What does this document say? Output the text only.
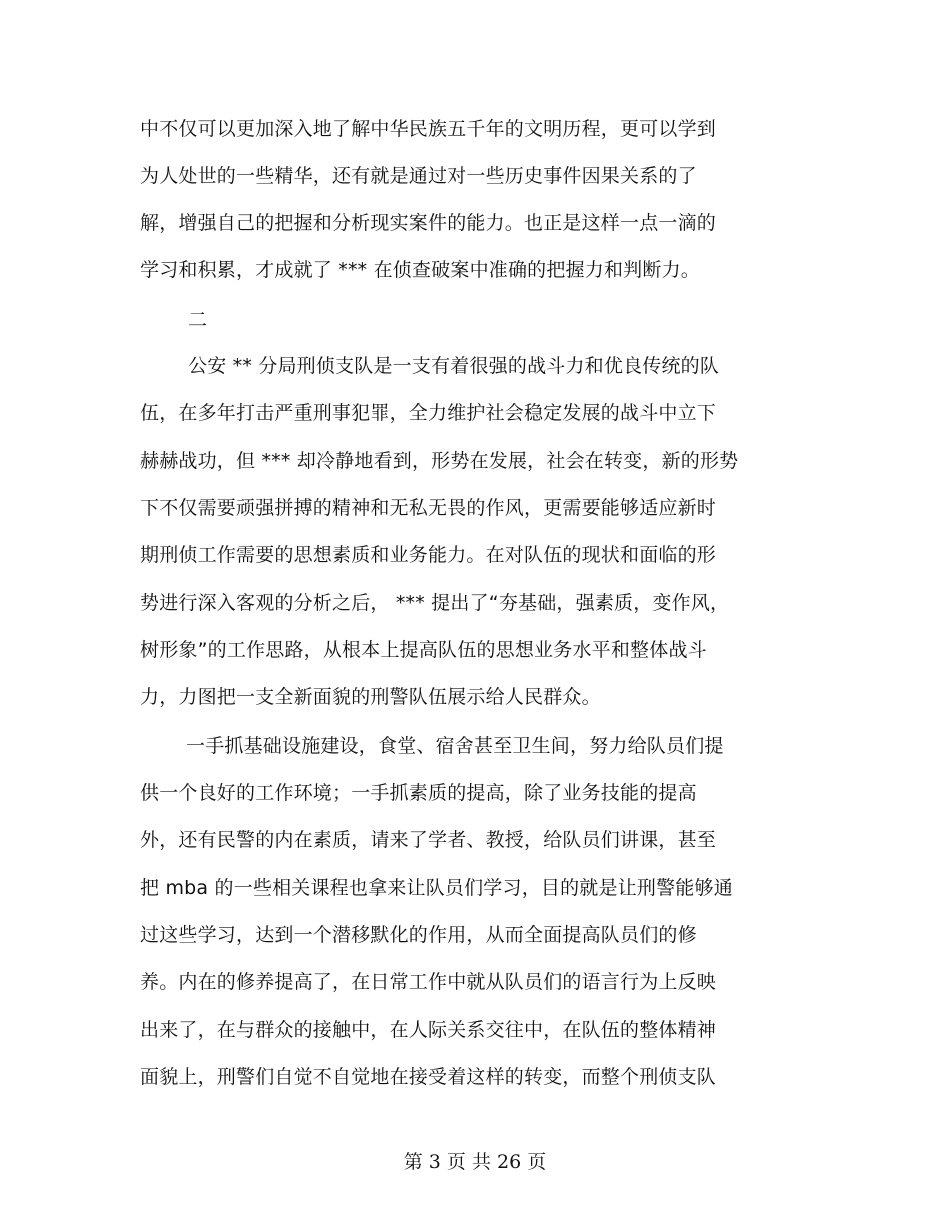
中不仅可以更加深入地了解中华民族五千年的文明历程，更可以学到
为人处世的一些精华，还有就是通过对一些历史事件因果关系的了
解，增强自己的把握和分析现实案件的能力。也正是这样一点一滴的
学习和积累，才成就了 *** 在侦查破案中准确的把握力和判断力。
二
公安 ** 分局刑侦支队是一支有着很强的战斗力和优良传统的队
伍，在多年打击严重刑事犯罪，全力维护社会稳定发展的战斗中立下
赫赫战功，但 *** 却冷静地看到，形势在发展，社会在转变，新的形势
下不仅需要顽强拼搏的精神和无私无畏的作风，更需要能够适应新时
期刑侦工作需要的思想素质和业务能力。在对队伍的现状和面临的形
势进行深入客观的分析之后， *** 提出了“夯基础，强素质，变作风，
树形象”的工作思路，从根本上提高队伍的思想业务水平和整体战斗
力，力图把一支全新面貌的刑警队伍展示给人民群众。
一手抓基础设施建设，食堂、宿舍甚至卫生间，努力给队员们提
供一个良好的工作环境；一手抓素质的提高，除了业务技能的提高
外，还有民警的内在素质，请来了学者、教授，给队员们讲课，甚至
把 mba 的一些相关课程也拿来让队员们学习，目的就是让刑警能够通
过这些学习，达到一个潜移默化的作用，从而全面提高队员们的修
养。内在的修养提高了，在日常工作中就从队员们的语言行为上反映
出来了，在与群众的接触中，在人际关系交往中，在队伍的整体精神
面貌上，刑警们自觉不自觉地在接受着这样的转变，而整个刑侦支队
第 3 页 共 26 页
